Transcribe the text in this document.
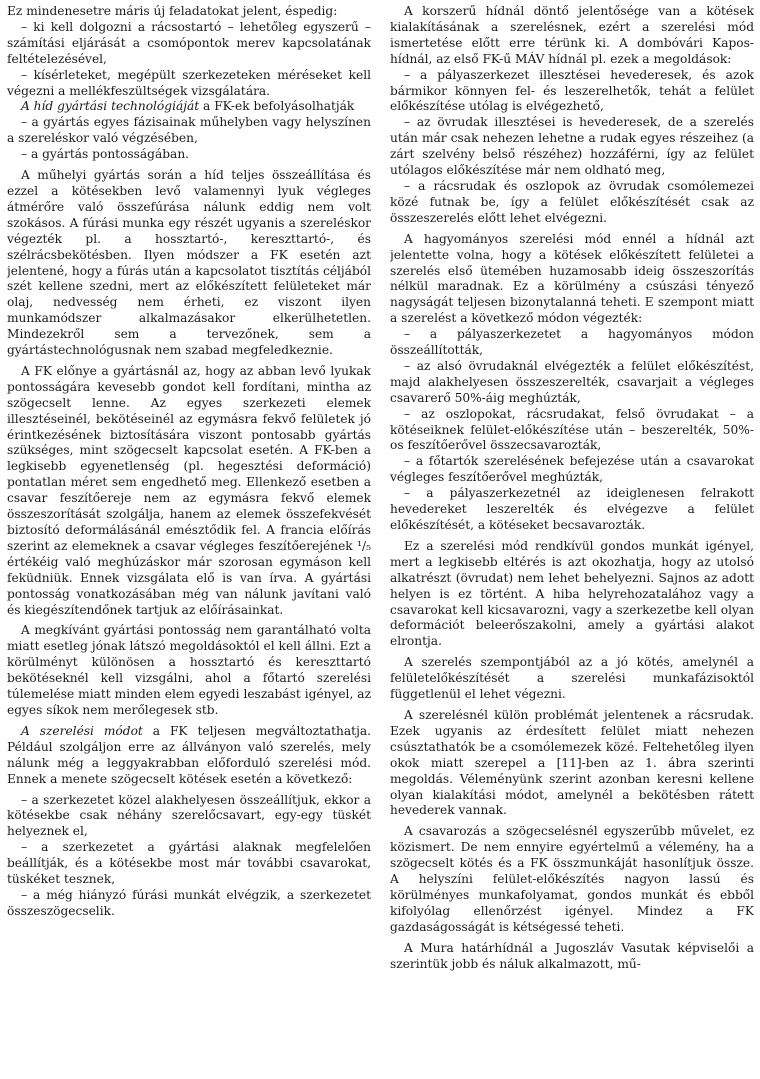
Ez mindenesetre máris új feladatokat jelent, éspedig:

– ki kell dolgozni a rácsostartó – lehetőleg egyszerű – számítási eljárását a csomópontok merev kapcsolatának feltételezésével,

– kísérleteket, megépült szerkezeteken méréseket kell végezni a mellékfeszültségek vizsgálatára.

A híd gyártási technológiáját a FK-ek befolyásolhatják

– a gyártás egyes fázisainak műhelyben vagy helyszínen a szereléskor való végzésében,

– a gyártás pontosságában.

A műhelyi gyártás során a híd teljes összeállítása és ezzel a kötésekben levő valamennyi lyuk végleges átmérőre való összefúrása nálunk eddig nem volt szokásos. A fúrási munka egy részét ugyanis a szereléskor végezték pl. a hossztartó-, kereszttartó-, és szélrácsbekötésben. Ilyen módszer a FK esetén azt jelentené, hogy a fúrás után a kapcsolatot tisztítás céljából szét kellene szedni, mert az előkészített felületeket már olaj, nedvesség nem érheti, ez viszont ilyen munkamódszer alkalmazásakor elkerülhetetlen. Mindezekről sem a tervezőnek, sem a gyártástechnológusnak nem szabad megfeledkeznie.

A FK előnye a gyártásnál az, hogy az abban levő lyukak pontosságára kevesebb gondot kell fordítani, mintha az szögecselt lenne. Az egyes szerkezeti elemek illesztéseinél, bekötéseinél az egymásra fekvő felületek jó érintkezésének biztosítására viszont pontosabb gyártás szükséges, mint szögecselt kapcsolat esetén. A FK-ben a legkisebb egyenetlenség (pl. hegesztési deformáció) pontatlan méret sem engedhető meg. Ellenkező esetben a csavar feszítőereje nem az egymásra fekvő elemek összeszorítását szolgálja, hanem az elemek összefekvését biztosító deformálásánál emésztődik fel. A francia előírás szerint az elemeknek a csavar végleges feszítőerejének ¹/₅ értékéig való meghúzáskor már szorosan egymáson kell feküdniük. Ennek vizsgálata elő is van írva. A gyártási pontosság vonatkozásában még van nálunk javítani való és kiegészítendőnek tartjuk az előírásainkat.

A megkívánt gyártási pontosság nem garantálható volta miatt esetleg jónak látszó megoldásoktól el kell állni. Ezt a körülményt különösen a hossztartó és kereszttartó bekötéseknél kell vizsgálni, ahol a főtartó szerelési túlemelése miatt minden elem egyedi leszabást igényel, az egyes síkok nem merőlegesek stb.

A szerelési módot a FK teljesen megváltoztathatja. Például szolgáljon erre az állványon való szerelés, mely nálunk még a leggyakrabban előforduló szerelési mód. Ennek a menete szögecselt kötések esetén a következő:

– a szerkezetet közel alakhelyesen összeállítjuk, ekkor a kötésekbe csak néhány szerelőcsavart, egy-egy tüskét helyeznek el,

– a szerkezetet a gyártási alaknak megfelelően beállítják, és a kötésekbe most már további csavarokat, tüskéket tesznek,

– a még hiányzó fúrási munkát elvégzik, a szerkezetet összeszögecselik.

A korszerű hídnál döntő jelentősége van a kötések kialakításának a szerelésnek, ezért a szerelési mód ismertetése előtt erre térünk ki. A dombóvári Kapos-hídnál, az első FK-ű MÁV hídnál pl. ezek a megoldások:

– a pályaszerkezet illesztései hevederesek, és azok bármikor könnyen fel- és leszerelhetők, tehát a felület előkészítése utólag is elvégezhető,

– az övrudak illesztései is hevederesek, de a szerelés után már csak nehezen lehetne a rudak egyes részeihez (a zárt szelvény belső részéhez) hozzáférni, így az felület utólagos előkészítése már nem oldható meg,

– a rácsrudak és oszlopok az övrudak csomólemezei közé futnak be, így a felület előkészítését csak az összeszerelés előtt lehet elvégezni.

A hagyományos szerelési mód ennél a hídnál azt jelentette volna, hogy a kötések előkészített felületei a szerelés első ütemében huzamosabb ideig összeszorítás nélkül maradnak. Ez a körülmény a csúszási tényező nagyságát teljesen bizonytalanná teheti. E szempont miatt a szerelést a következő módon végezték:

– a pályaszerkezetet a hagyományos módon összeállították,

– az alsó övrudaknál elvégezték a felület előkészítést, majd alakhelyesen összeszerelték, csavarjait a végleges csavarerő 50%-áig meghúzták,

– az oszlopokat, rácsrudakat, felső övrudakat – a kötéseiknek felület-előkészítése után – beszerelték, 50%-os feszítőerővel összecsavarozták,

– a főtartók szerelésének befejezése után a csavarokat végleges feszítőerővel meghúzták,

– a pályaszerkezetnél az ideiglenesen felrakott hevedereket leszerelték és elvégezve a felület előkészítését, a kötéseket becsavarozták.

Ez a szerelési mód rendkívül gondos munkát igényel, mert a legkisebb eltérés is azt okozhatja, hogy az utolsó alkatrészt (övrudat) nem lehet behelyezni. Sajnos az adott helyen is ez történt. A hiba helyrehozatalához vagy a csavarokat kell kicsavarozni, vagy a szerkezetbe kell olyan deformációt beleerőszakolni, amely a gyártási alakot elrontja.

A szerelés szempontjából az a jó kötés, amelynél a felületelőkészítését a szerelési munkafázisoktól függetlenül el lehet végezni.

A szerelésnél külön problémát jelentenek a rácsrudak. Ezek ugyanis az érdesített felület miatt nehezen csúsztathatók be a csomólemezek közé. Feltehetőleg ilyen okok miatt szerepel a [11]-ben az 1. ábra szerinti megoldás. Véleményünk szerint azonban keresni kellene olyan kialakítási módot, amelynél a bekötésben rátett hevederek vannak.

A csavarozás a szögecselésnél egyszerűbb művelet, ez közismert. De nem ennyire egyértelmű a vélemény, ha a szögecselt kötés és a FK összmunkáját hasonlítjuk össze. A helyszíni felület-előkészítés nagyon lassú és körülményes munkafolyamat, gondos munkát és ebből kifolyólag ellenőrzést igényel. Mindez a FK gazdaságosságát is kétségessé teheti.

A Mura határhídnál a Jugoszláv Vasutak képviselői a szerintük jobb és náluk alkalmazott, mű-
